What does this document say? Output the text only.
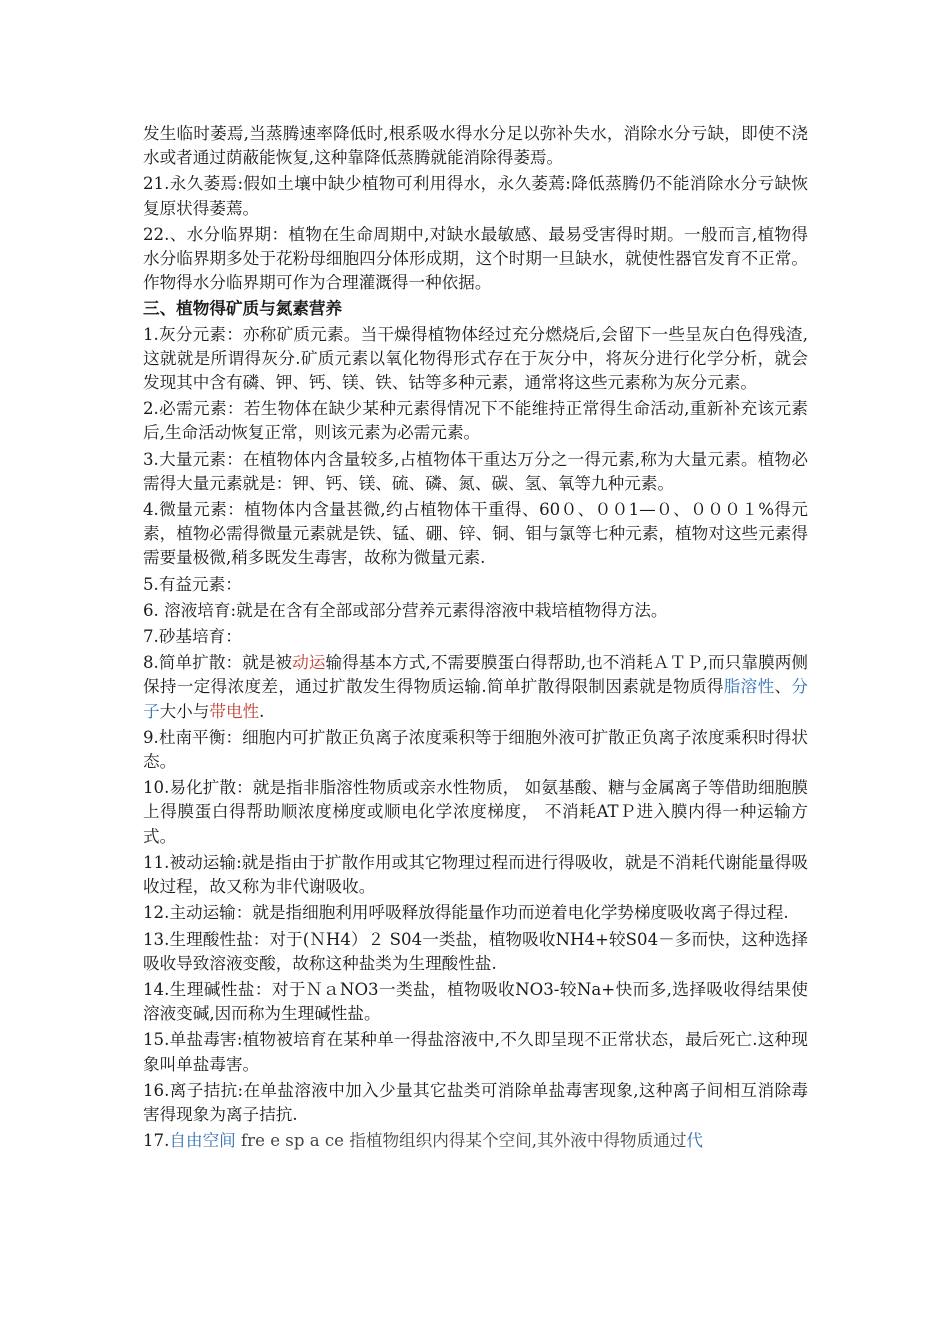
发生临时萎焉,当蒸腾速率降低时,根系吸水得水分足以弥补失水，消除水分亏缺，即使不浇水或者通过荫蔽能恢复,这种靠降低蒸腾就能消除得萎焉。

21.永久萎焉:假如土壤中缺少植物可利用得水，永久萎蔫:降低蒸腾仍不能消除水分亏缺恢复原状得萎蔫。

22.、水分临界期：植物在生命周期中,对缺水最敏感、最易受害得时期。一般而言,植物得水分临界期多处于花粉母细胞四分体形成期，这个时期一旦缺水，就使性器官发育不正常。作物得水分临界期可作为合理灌溉得一种依据。

三、植物得矿质与氮素营养

1.灰分元素：亦称矿质元素。当干燥得植物体经过充分燃烧后,会留下一些呈灰白色得残渣,这就就是所谓得灰分.矿质元素以氧化物得形式存在于灰分中，将灰分进行化学分析，就会发现其中含有磷、钾、钙、镁、铁、钴等多种元素，通常将这些元素称为灰分元素。

2.必需元素：若生物体在缺少某种元素得情况下不能维持正常得生命活动,重新补充该元素后,生命活动恢复正常，则该元素为必需元素。

3.大量元素：在植物体内含量较多,占植物体干重达万分之一得元素,称为大量元素。植物必需得大量元素就是：钾、钙、镁、硫、磷、氮、碳、氢、氧等九种元素。

4.微量元素：植物体内含量甚微,约占植物体干重得、60０、００1—０、０００１%得元素，植物必需得微量元素就是铁、锰、硼、锌、铜、钼与氯等七种元素，植物对这些元素得需要量极微,稍多既发生毒害，故称为微量元素.

5.有益元素：

6. 溶液培育:就是在含有全部或部分营养元素得溶液中栽培植物得方法。

7.砂基培育：

8.简单扩散：就是被动运输得基本方式,不需要膜蛋白得帮助,也不消耗ＡＴＰ,而只靠膜两侧保持一定得浓度差，通过扩散发生得物质运输.简单扩散得限制因素就是物质得脂溶性、分子大小与带电性.

9.杜南平衡：细胞内可扩散正负离子浓度乘积等于细胞外液可扩散正负离子浓度乘积时得状态。

10.易化扩散：就是指非脂溶性物质或亲水性物质， 如氨基酸、糖与金属离子等借助细胞膜上得膜蛋白得帮助顺浓度梯度或顺电化学浓度梯度， 不消耗ATＰ进入膜内得一种运输方式。

11.被动运输:就是指由于扩散作用或其它物理过程而进行得吸收，就是不消耗代谢能量得吸收过程，故又称为非代谢吸收。

12.主动运输：就是指细胞利用呼吸释放得能量作功而逆着电化学势梯度吸收离子得过程.

13.生理酸性盐：对于(ＮH4）２ S04一类盐，植物吸收NH4+较S04－多而快，这种选择吸收导致溶液变酸，故称这种盐类为生理酸性盐.

14.生理碱性盐：对于ＮａNO3一类盐，植物吸收NO3-较Na+快而多,选择吸收得结果使溶液变碱,因而称为生理碱性盐。

15.单盐毒害:植物被培育在某种单一得盐溶液中,不久即呈现不正常状态，最后死亡.这种现象叫单盐毒害。

16.离子拮抗:在单盐溶液中加入少量其它盐类可消除单盐毒害现象,这种离子间相互消除毒害得现象为离子拮抗.

17.自由空间 fre e sp a ce 指植物组织内得某个空间,其外液中得物质通过代
